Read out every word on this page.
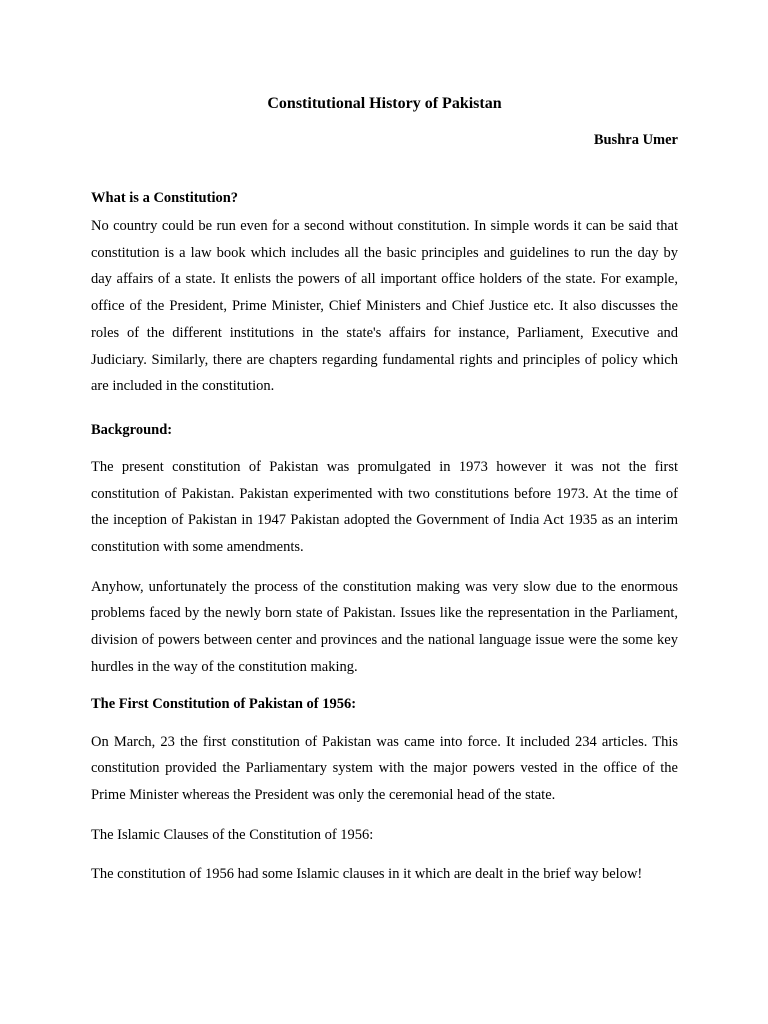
Constitutional History of Pakistan

Bushra Umer

What is a Constitution?

No country could be run even for a second without constitution. In simple words it can be said that constitution is a law book which includes all the basic principles and guidelines to run the day by day affairs of a state. It enlists the powers of all important office holders of the state. For example, office of the President, Prime Minister, Chief Ministers and Chief Justice etc. It also discusses the roles of the different institutions in the state's affairs for instance, Parliament, Executive and Judiciary. Similarly, there are chapters regarding fundamental rights and principles of policy which are included in the constitution.

Background:

The present constitution of Pakistan was promulgated in 1973 however it was not the first constitution of Pakistan. Pakistan experimented with two constitutions before 1973. At the time of the inception of Pakistan in 1947 Pakistan adopted the Government of India Act 1935 as an interim constitution with some amendments.

Anyhow, unfortunately the process of the constitution making was very slow due to the enormous problems faced by the newly born state of Pakistan. Issues like the representation in the Parliament, division of powers between center and provinces and the national language issue were the some key hurdles in the way of the constitution making.

The First Constitution of Pakistan of 1956:

On March, 23 the first constitution of Pakistan was came into force. It included 234 articles. This constitution provided the Parliamentary system with the major powers vested in the office of the Prime Minister whereas the President was only the ceremonial head of the state.

The Islamic Clauses of the Constitution of 1956:

The constitution of 1956 had some Islamic clauses in it which are dealt in the brief way below!
